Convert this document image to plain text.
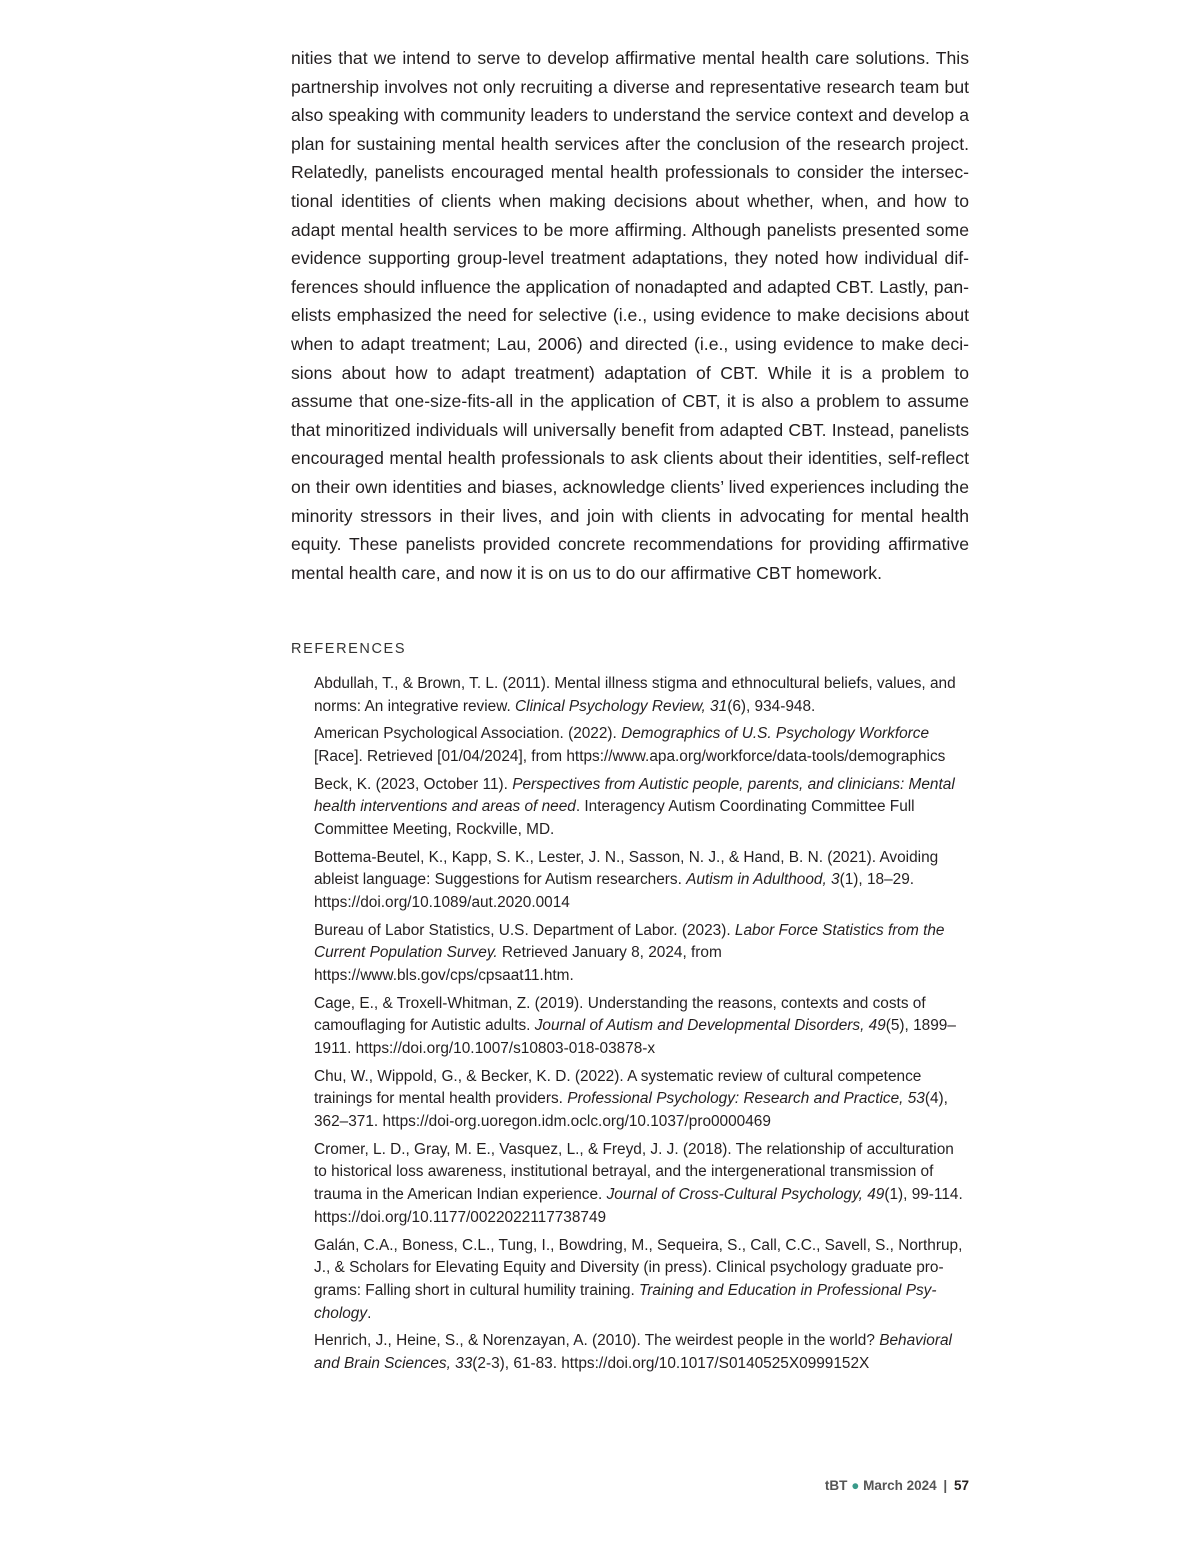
nities that we intend to serve to develop affirmative mental health care solutions. This partnership involves not only recruiting a diverse and representative research team but also speaking with community leaders to understand the service context and develop a plan for sustaining mental health services after the conclusion of the research project. Relatedly, panelists encouraged mental health professionals to consider the intersectional identities of clients when making decisions about whether, when, and how to adapt mental health services to be more affirming. Although panelists presented some evidence supporting group-level treatment adaptations, they noted how individual differences should influence the application of nonadapted and adapted CBT. Lastly, panelists emphasized the need for selective (i.e., using evidence to make decisions about when to adapt treatment; Lau, 2006) and directed (i.e., using evidence to make decisions about how to adapt treatment) adaptation of CBT. While it is a problem to assume that one-size-fits-all in the application of CBT, it is also a problem to assume that minoritized individuals will universally benefit from adapted CBT. Instead, panelists encouraged mental health professionals to ask clients about their identities, self-reflect on their own identities and biases, acknowledge clients’ lived experiences including the minority stressors in their lives, and join with clients in advocating for mental health equity. These panelists provided concrete recommendations for providing affirmative mental health care, and now it is on us to do our affirmative CBT homework.

REFERENCES
Abdullah, T., & Brown, T. L. (2011). Mental illness stigma and ethnocultural beliefs, values, and norms: An integrative review. Clinical Psychology Review, 31(6), 934-948.
American Psychological Association. (2022). Demographics of U.S. Psychology Workforce [Race]. Retrieved [01/04/2024], from https://www.apa.org/workforce/data-tools/demographics
Beck, K. (2023, October 11). Perspectives from Autistic people, parents, and clinicians: Mental health interventions and areas of need. Interagency Autism Coordinating Committee Full Committee Meeting, Rockville, MD.
Bottema-Beutel, K., Kapp, S. K., Lester, J. N., Sasson, N. J., & Hand, B. N. (2021). Avoiding ableist language: Suggestions for Autism researchers. Autism in Adulthood, 3(1), 18–29. https://doi.org/10.1089/aut.2020.0014
Bureau of Labor Statistics, U.S. Department of Labor. (2023). Labor Force Statistics from the Current Population Survey. Retrieved January 8, 2024, from https://www.bls.gov/cps/cpsaat11.htm.
Cage, E., & Troxell-Whitman, Z. (2019). Understanding the reasons, contexts and costs of camouflaging for Autistic adults. Journal of Autism and Developmental Disorders, 49(5), 1899–1911. https://doi.org/10.1007/s10803-018-03878-x
Chu, W., Wippold, G., & Becker, K. D. (2022). A systematic review of cultural competence trainings for mental health providers. Professional Psychology: Research and Practice, 53(4), 362–371. https://doi-org.uoregon.idm.oclc.org/10.1037/pro0000469
Cromer, L. D., Gray, M. E., Vasquez, L., & Freyd, J. J. (2018). The relationship of acculturation to historical loss awareness, institutional betrayal, and the intergenerational transmission of trauma in the American Indian experience. Journal of Cross-Cultural Psychology, 49(1), 99-114. https://doi.org/10.1177/0022022117738749
Galán, C.A., Boness, C.L., Tung, I., Bowdring, M., Sequeira, S., Call, C.C., Savell, S., Northrup, J., & Scholars for Elevating Equity and Diversity (in press). Clinical psychology graduate programs: Falling short in cultural humility training. Training and Education in Professional Psychology.
Henrich, J., Heine, S., & Norenzayan, A. (2010). The weirdest people in the world? Behavioral and Brain Sciences, 33(2-3), 61-83. https://doi.org/10.1017/S0140525X0999152X
tBT ● March 2024 | 57
